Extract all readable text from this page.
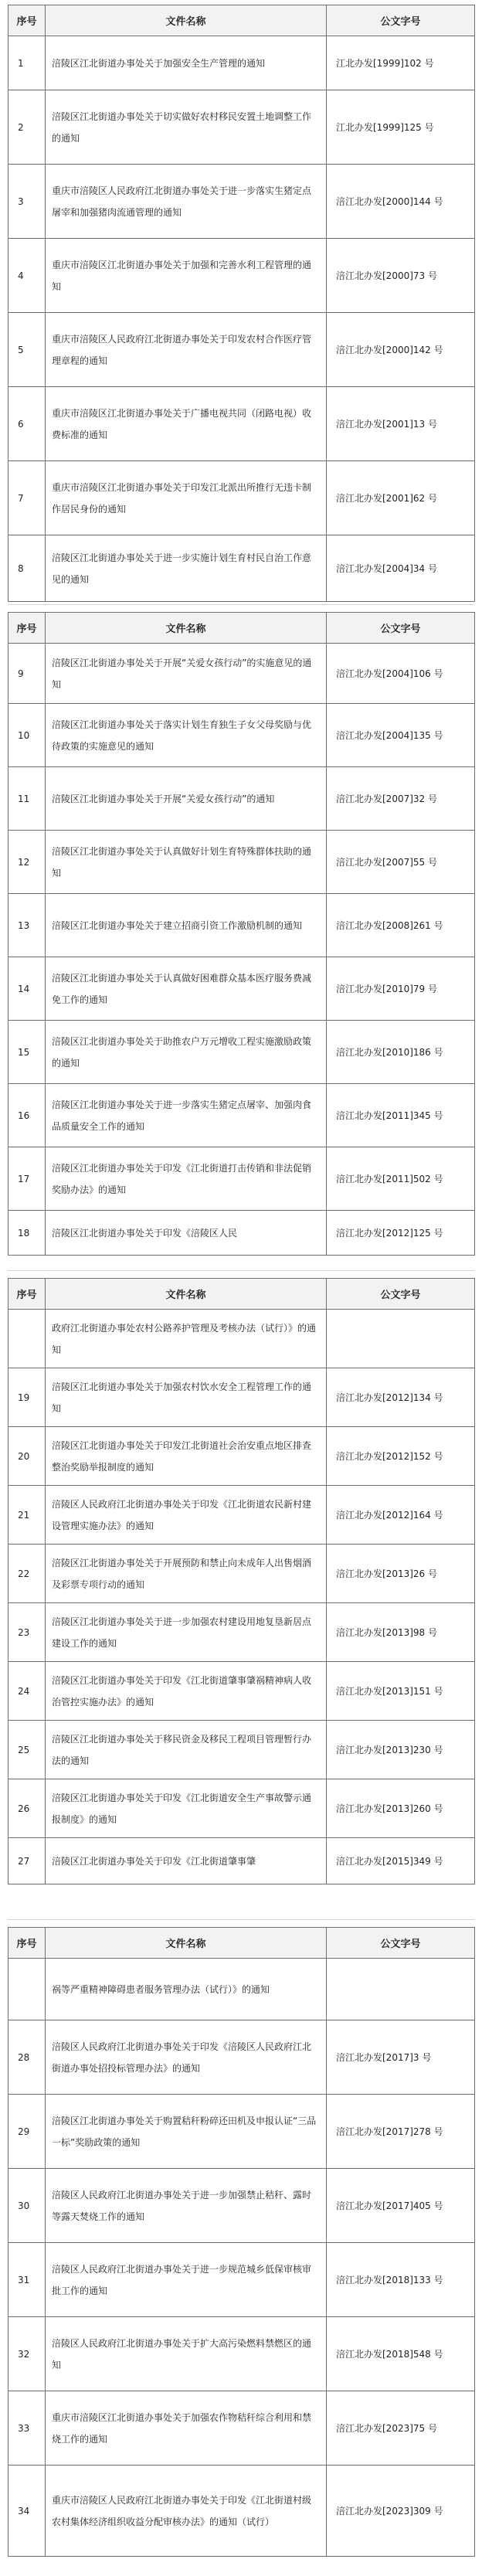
序号	文件名称	公文字号
1	涪陵区江北街道办事处关于加强安全生产管理的通知	江北办发[1999]102 号
2	涪陵区江北街道办事处关于切实做好农村移民安置土地调整工作的通知	江北办发[1999]125 号
3	重庆市涪陵区人民政府江北街道办事处关于进一步落实生猪定点屠宰和加强猪肉流通管理的通知	涪江北办发[2000]144 号
4	重庆市涪陵区江北街道办事处关于加强和完善水利工程管理的通知	涪江北办发[2000]73 号
5	重庆市涪陵区人民政府江北街道办事处关于印发农村合作医疗管理章程的通知	涪江北办发[2000]142 号
6	重庆市涪陵区江北街道办事处关于广播电视共同（闭路电视）收费标准的通知	涪江北办发[2001]13 号
7	重庆市涪陵区江北街道办事处关于印发江北派出所推行无违卡制作居民身份的通知	涪江北办发[2001]62 号
8	涪陵区江北街道办事处关于进一步实施计划生育村民自治工作意见的通知	涪江北办发[2004]34 号
序号	文件名称	公文字号
9	涪陵区江北街道办事处关于开展“关爱女孩行动”的实施意见的通知	涪江北办发[2004]106 号
10	涪陵区江北街道办事处关于落实计划生育独生子女父母奖励与优待政策的实施意见的通知	涪江北办发[2004]135 号
11	涪陵区江北街道办事处关于开展“关爱女孩行动”的通知	涪江北办发[2007]32 号
12	涪陵区江北街道办事处关于认真做好计划生育特殊群体扶助的通知	涪江北办发[2007]55 号
13	涪陵区江北街道办事处关于建立招商引资工作激励机制的通知	涪江北办发[2008]261 号
14	涪陵区江北街道办事处关于认真做好困难群众基本医疗服务费减免工作的通知	涪江北办发[2010]79 号
15	涪陵区江北街道办事处关于助推农户万元增收工程实施激励政策的通知	涪江北办发[2010]186 号
16	涪陵区江北街道办事处关于进一步落实生猪定点屠宰、加强肉食品质量安全工作的通知	涪江北办发[2011]345 号
17	涪陵区江北街道办事处关于印发《江北街道打击传销和非法促销奖励办法》的通知	涪江北办发[2011]502 号
18	涪陵区江北街道办事处关于印发《涪陵区人民	涪江北办发[2012]125 号
序号	文件名称	公文字号
	政府江北街道办事处农村公路养护管理及考核办法（试行）》的通知	
19	涪陵区江北街道办事处关于加强农村饮水安全工程管理工作的通知	涪江北办发[2012]134 号
20	涪陵区江北街道办事处关于印发江北街道社会治安重点地区排查整治奖励举报制度的通知	涪江北办发[2012]152 号
21	涪陵区人民政府江北街道办事处关于印发《江北街道农民新村建设管理实施办法》的通知	涪江北办发[2012]164 号
22	涪陵区江北街道办事处关于开展预防和禁止向未成年人出售烟酒及彩票专项行动的通知	涪江北办发[2013]26 号
23	涪陵区江北街道办事处关于进一步加强农村建设用地复垦新居点建设工作的通知	涪江北办发[2013]98 号
24	涪陵区江北街道办事处关于印发《江北街道肇事肇祸精神病人收治管控实施办法》的通知	涪江北办发[2013]151 号
25	涪陵区江北街道办事处关于移民资金及移民工程项目管理暂行办法的通知	涪江北办发[2013]230 号
26	涪陵区江北街道办事处关于印发《江北街道安全生产事故警示通报制度》的通知	涪江北办发[2013]260 号
27	涪陵区江北街道办事处关于印发《江北街道肇事肇	涪江北办发[2015]349 号
序号	文件名称	公文字号
	祸等严重精神障碍患者服务管理办法（试行）》的通知	
28	涪陵区人民政府江北街道办事处关于印发《涪陵区人民政府江北街道办事处招投标管理办法》的通知	涪江北办发[2017]3 号
29	涪陵区江北街道办事处关于购置秸秆粉碎还田机及申报认证“三品一标”奖励政策的通知	涪江北办发[2017]278 号
30	涪陵区人民政府江北街道办事处关于进一步加强禁止秸秆、露时等露天焚烧工作的通知	涪江北办发[2017]405 号
31	涪陵区人民政府江北街道办事处关于进一步规范城乡低保审核审批工作的通知	涪江北办发[2018]133 号
32	涪陵区人民政府江北街道办事处关于扩大高污染燃料禁燃区的通知	涪江北办发[2018]548 号
33	重庆市涪陵区江北街道办事处关于加强农作物秸秆综合利用和禁烧工作的通知	涪江北办发[2023]75 号
34	重庆市涪陵区人民政府江北街道办事处关于印发《江北街道村级农村集体经济组织收益分配审核办法》的通知（试行）	涪江北办发[2023]309 号
